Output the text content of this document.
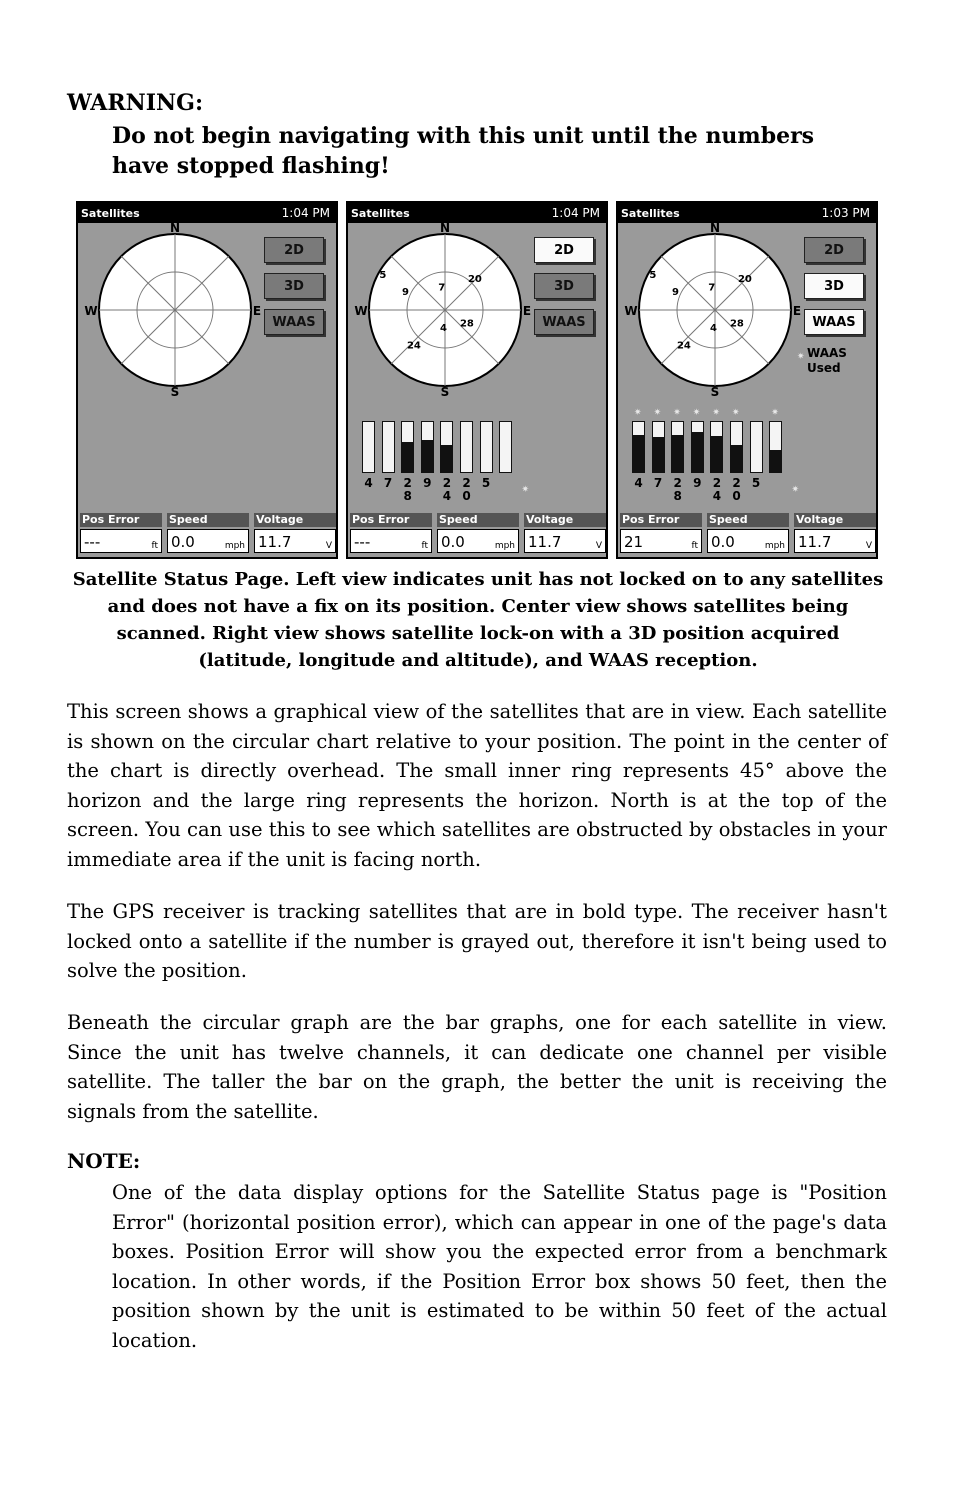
WARNING:
Do not begin navigating with this unit until the numbers have stopped flashing!
Satellites	1:04 PM
N
S
E
W
2D
3D
WAAS
Pos Error
---	ft
Speed
0.0	mph
Voltage
11.7	V
Satellites	1:04 PM
N
S
E
W
5
9	7
20
4 28
24
2D
3D
WAAS
4 7 28
9 24
20
5	✷
Pos Error
---	ft
Speed
0.0	mph
Voltage
11.7	V
Satellites	1:03 PM
N
S
E
W
5
9	7
20
4 28
24
2D
3D
WAAS
✷ WAAS Used
✷
4
✷
7
✷
28
✷
9
✷
24
✷
20
5
✷
✷
Pos Error
21	ft
Speed
0.0	mph
Voltage
11.7	V
Satellite Status Page. Left view indicates unit has not locked on to any satellites and does not have a fix on its position. Center view shows satellites being scanned. Right view shows satellite lock-on with a 3D position acquired (latitude, longitude and altitude), and WAAS reception.
This screen shows a graphical view of the satellites that are in view. Each satellite is shown on the circular chart relative to your position. The point in the center of the chart is directly overhead. The small inner ring represents 45° above the horizon and the large ring represents the horizon. North is at the top of the screen. You can use this to see which satellites are obstructed by obstacles in your immediate area if the unit is facing north.
The GPS receiver is tracking satellites that are in bold type. The receiver hasn't locked onto a satellite if the number is grayed out, therefore it isn't being used to solve the position.
Beneath the circular graph are the bar graphs, one for each satellite in view. Since the unit has twelve channels, it can dedicate one channel per visible satellite. The taller the bar on the graph, the better the unit is receiving the signals from the satellite.
NOTE:
One of the data display options for the Satellite Status page is "Position Error" (horizontal position error), which can appear in one of the page's data boxes. Position Error will show you the expected error from a benchmark location. In other words, if the Position Error box shows 50 feet, then the position shown by the unit is estimated to be within 50 feet of the actual location.
